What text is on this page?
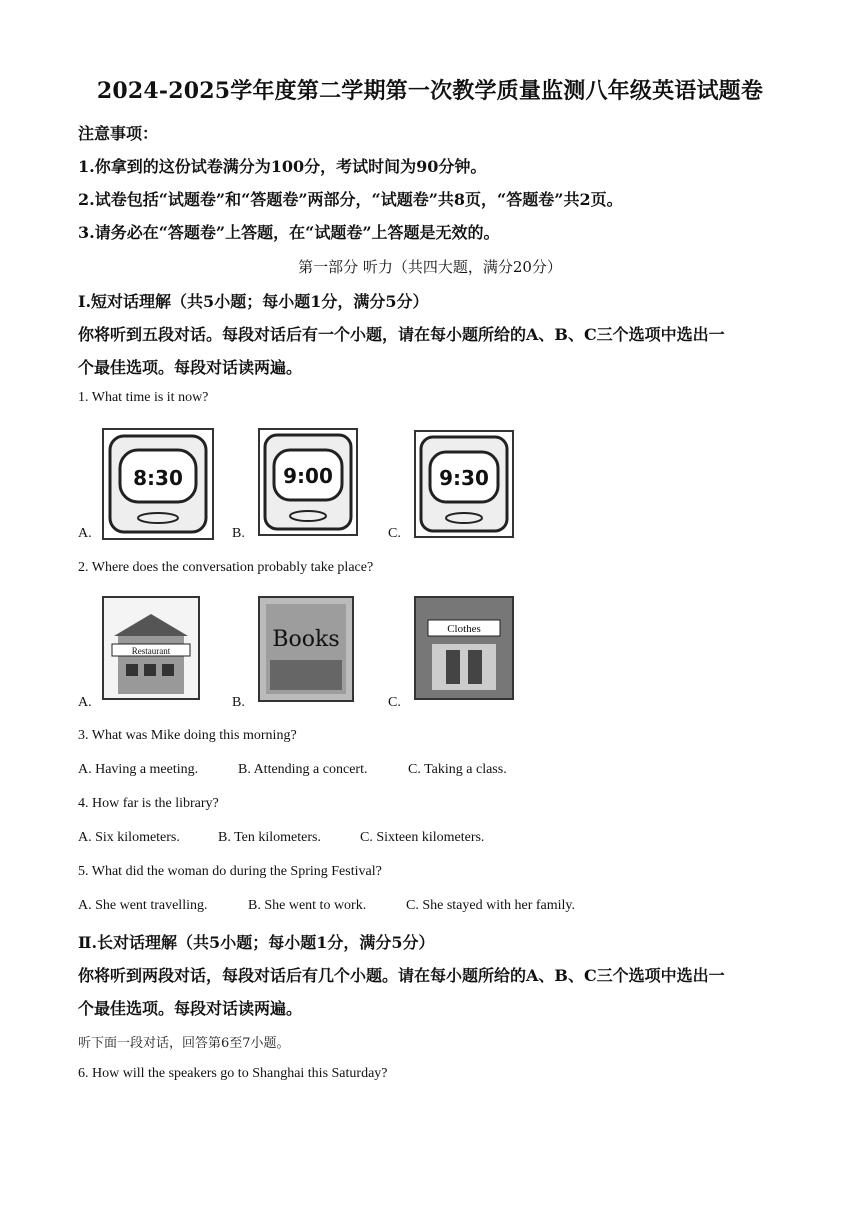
2024-2025学年度第二学期第一次教学质量监测八年级英语试题卷
注意事项：
1.你拿到的这份试卷满分为100分，考试时间为90分钟。
2.试卷包括“试题卷”和“答题卷”两部分，“试题卷”共8页，“答题卷”共2页。
3.请务必在“答题卷”上答题，在“试题卷”上答题是无效的。
第一部分 听力（共四大题，满分20分）
Ⅰ.短对话理解（共5小题；每小题1分，满分5分）
你将听到五段对话。每段对话后有一个小题，请在每小题所给的A、B、C三个选项中选出一
个最佳选项。每段对话读两遍。
1. What time is it now?
8:30
A.
9:00
B.
9:30
C.
2. Where does the conversation probably take place?
Restaurant
A.
Books
B.
Clothes
C.
3. What was Mike doing this morning?
A. Having a meeting.	B. Attending a concert.	C. Taking a class.
4. How far is the library?
A. Six kilometers.	B. Ten kilometers.	C. Sixteen kilometers.
5. What did the woman do during the Spring Festival?
A. She went travelling.	B. She went to work.	C. She stayed with her family.
Ⅱ.长对话理解（共5小题；每小题1分，满分5分）
你将听到两段对话，每段对话后有几个小题。请在每小题所给的A、B、C三个选项中选出一
个最佳选项。每段对话读两遍。
听下面一段对话，回答第6至7小题。
6. How will the speakers go to Shanghai this Saturday?
